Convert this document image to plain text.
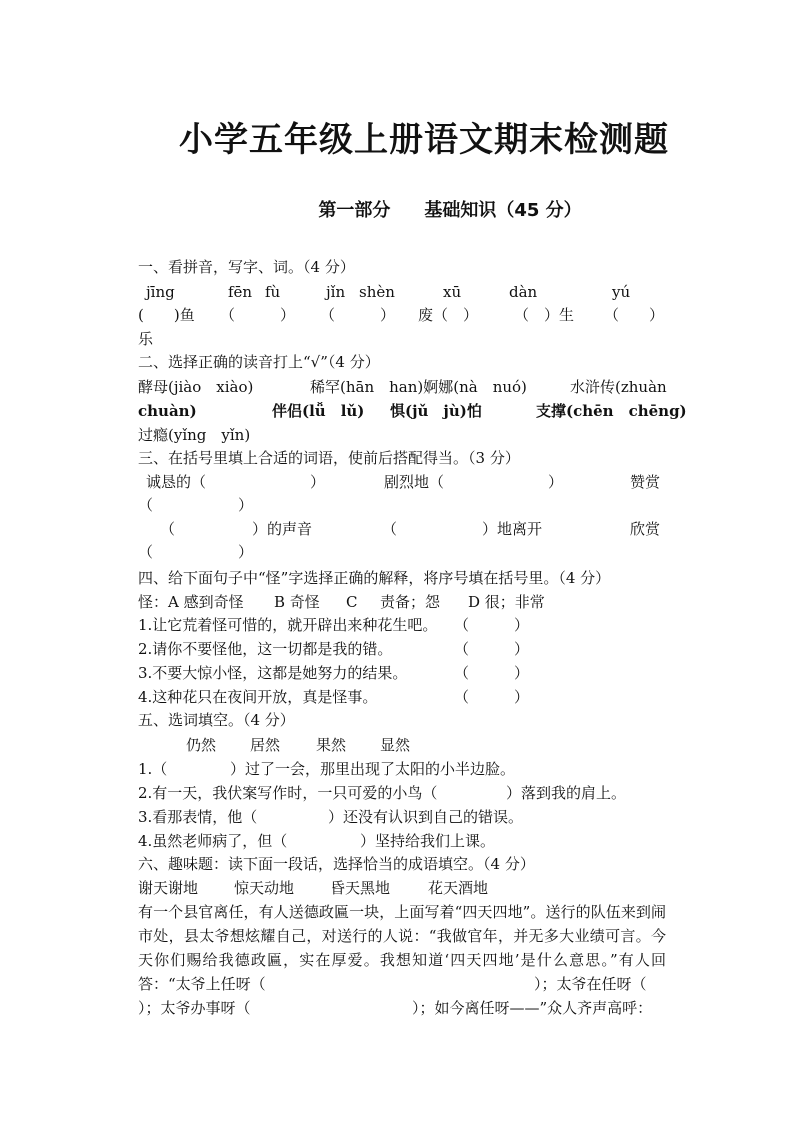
小学五年级上册语文期末检测题
第一部分 基础知识（45 分）
一、看拼音，写字、词。（4 分）
jīng	fēn fù	jǐn shèn	xū	dàn	yú
(　　)鱼 （　　　） （　　　） 废（　） （　）生 （　　）
乐
二、选择正确的读音打上“√”（4 分）
酵母(jiào　xiào)	稀罕(hān　han)婀娜(nà　nuó)	水浒传(zhuàn
chuàn)	伴侣(lǚ　lǔ) 惧(jǔ　jù)怕	支撑(chēn　chēng)
过瘾(yǐng　yǐn)
三、在括号里填上合适的词语，使前后搭配得当。（3 分）
诚恳的（	）	剧烈地（	）	赞赏
（	）
（	）的声音	（	）地离开	欣赏
（	）
四、给下面句子中“怪”字选择正确的解释，将序号填在括号里。（4 分）
怪：A 感到奇怪 B 奇怪 C 责备；怨 D 很；非常
1.让它荒着怪可惜的，就开辟出来种花生吧。 （　　　）
2.请你不要怪他，这一切都是我的错。	（　　　）
3.不要大惊小怪，这都是她努力的结果。	（　　　）
4.这种花只在夜间开放，真是怪事。	（　　　）
五、选词填空。（4 分）
仍然 居然 果然 显然
1.（	）过了一会，那里出现了太阳的小半边脸。
2.有一天，我伏案写作时，一只可爱的小鸟（	）落到我的肩上。
3.看那表情，他（	）还没有认识到自己的错误。
4.虽然老师病了，但（	）坚持给我们上课。
六、趣味题：读下面一段话，选择恰当的成语填空。（4 分）
谢天谢地 惊天动地 昏天黑地	花天酒地
有一个县官离任，有人送德政匾一块，上面写着“四天四地”。送行的队伍来到闹市处，县太爷想炫耀自己，对送行的人说：“我做官年，并无多大业绩可言。今天你们赐给我德政匾，实在厚爱。我想知道‘四天四地’是什么意思。”有人回答：“太爷上任呀（	）；太爷在任呀（
）；太爷办事呀（	）；如今离任呀——”众人齐声高呼：
